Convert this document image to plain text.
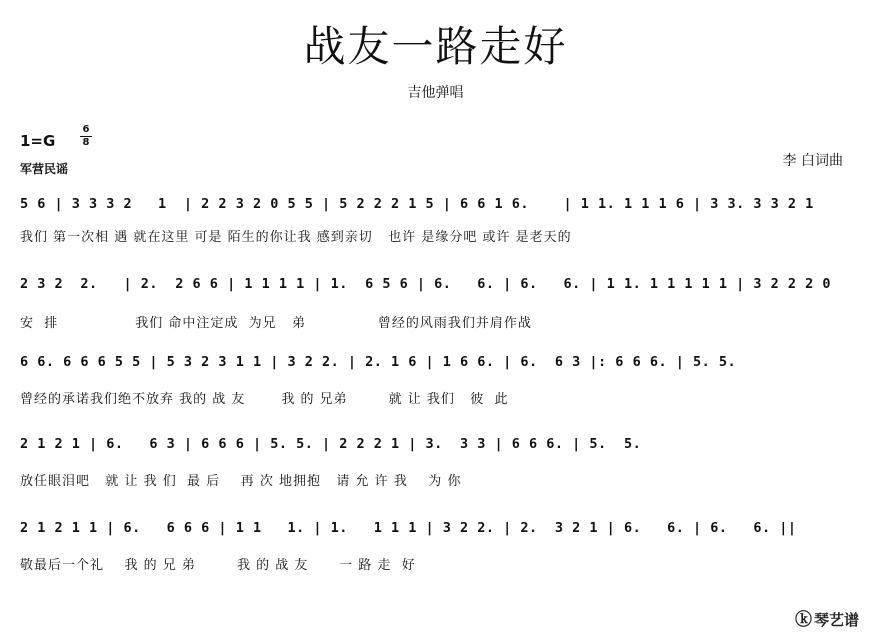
战友一路走好
吉他弹唱
1=G
6
8
军营民谣	李 白词曲
5 6 | 3 3 3 2   1  | 2 2 3 2 0 5 5 | 5 2 2 2 1 5 | 6 6 1 6.    | 1 1. 1 1 1 6 | 3 3. 3 3 2 1
我们 第一次相 遇 就在这里 可是 陌生的你让我 感到亲切   也许 是缘分吧 或许 是老天的
2 3 2  2.   | 2.  2 6 6 | 1 1 1 1 | 1.  6 5 6 | 6.   6. | 6.   6. | 1 1. 1 1 1 1 1 | 3 2 2 2 0
安  排               我们 命中注定成  为兄   弟              曾经的风雨我们并肩作战
6 6. 6 6 6 5 5 | 5 3 2 3 1 1 | 3 2 2. | 2. 1 6 | 1 6 6. | 6.  6 3 |: 6 6 6. | 5. 5.
曾经的承诺我们绝不放弃 我的 战 友       我 的 兄弟        就 让 我们   彼  此
2 1 2 1 | 6.   6 3 | 6 6 6 | 5. 5. | 2 2 2 1 | 3.  3 3 | 6 6 6. | 5.  5.
放任眼泪吧   就 让 我 们  最 后    再 次 地拥抱   请 允 许 我    为 你
2 1 2 1 1 | 6.   6 6 6 | 1 1   1. | 1.   1 1 1 | 3 2 2. | 2.  3 2 1 | 6.   6. | 6.   6. ||
敬最后一个礼    我 的 兄 弟        我 的 战 友      一 路 走  好
ⓚ 琴艺谱
